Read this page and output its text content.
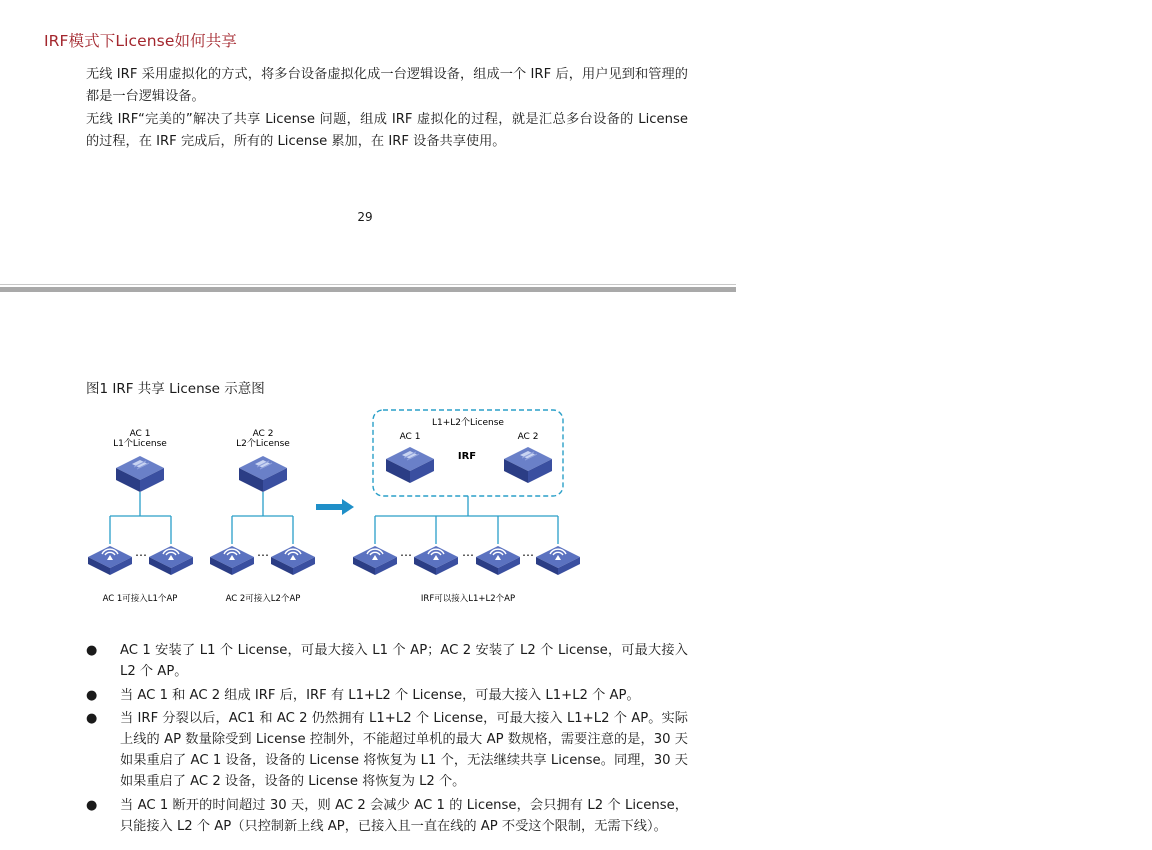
IRF模式下License如何共享
无线 IRF 采用虚拟化的方式，将多台设备虚拟化成一台逻辑设备，组成一个 IRF 后，用户见到和管理的都是一台逻辑设备。
无线 IRF“完美的”解决了共享 License 问题，组成 IRF 虚拟化的过程，就是汇总多台设备的 License 的过程，在 IRF 完成后，所有的 License 累加，在 IRF 设备共享使用。
29
图1 IRF 共享 License 示意图
AC 1
L1个License
⋯
AC 1可接入L1个AP
AC 2
L2个License
⋯
AC 2可接入L2个AP
L1+L2个License
AC 1	AC 2
IRF
⋯	⋯	⋯
IRF可以接入L1+L2个AP
● AC 1 安装了 L1 个 License，可最大接入 L1 个 AP；AC 2 安装了 L2 个 License，可最大接入 L2 个 AP。
● 当 AC 1 和 AC 2 组成 IRF 后，IRF 有 L1+L2 个 License，可最大接入 L1+L2 个 AP。
● 当 IRF 分裂以后，AC1 和 AC 2 仍然拥有 L1+L2 个 License，可最大接入 L1+L2 个 AP。实际上线的 AP 数量除受到 License 控制外，不能超过单机的最大 AP 数规格，需要注意的是，30 天如果重启了 AC 1 设备，设备的 License 将恢复为 L1 个，无法继续共享 License。同理，30 天如果重启了 AC 2 设备，设备的 License 将恢复为 L2 个。
● 当 AC 1 断开的时间超过 30 天，则 AC 2 会减少 AC 1 的 License，会只拥有 L2 个 License，只能接入 L2 个 AP（只控制新上线 AP，已接入且一直在线的 AP 不受这个限制，无需下线）。
